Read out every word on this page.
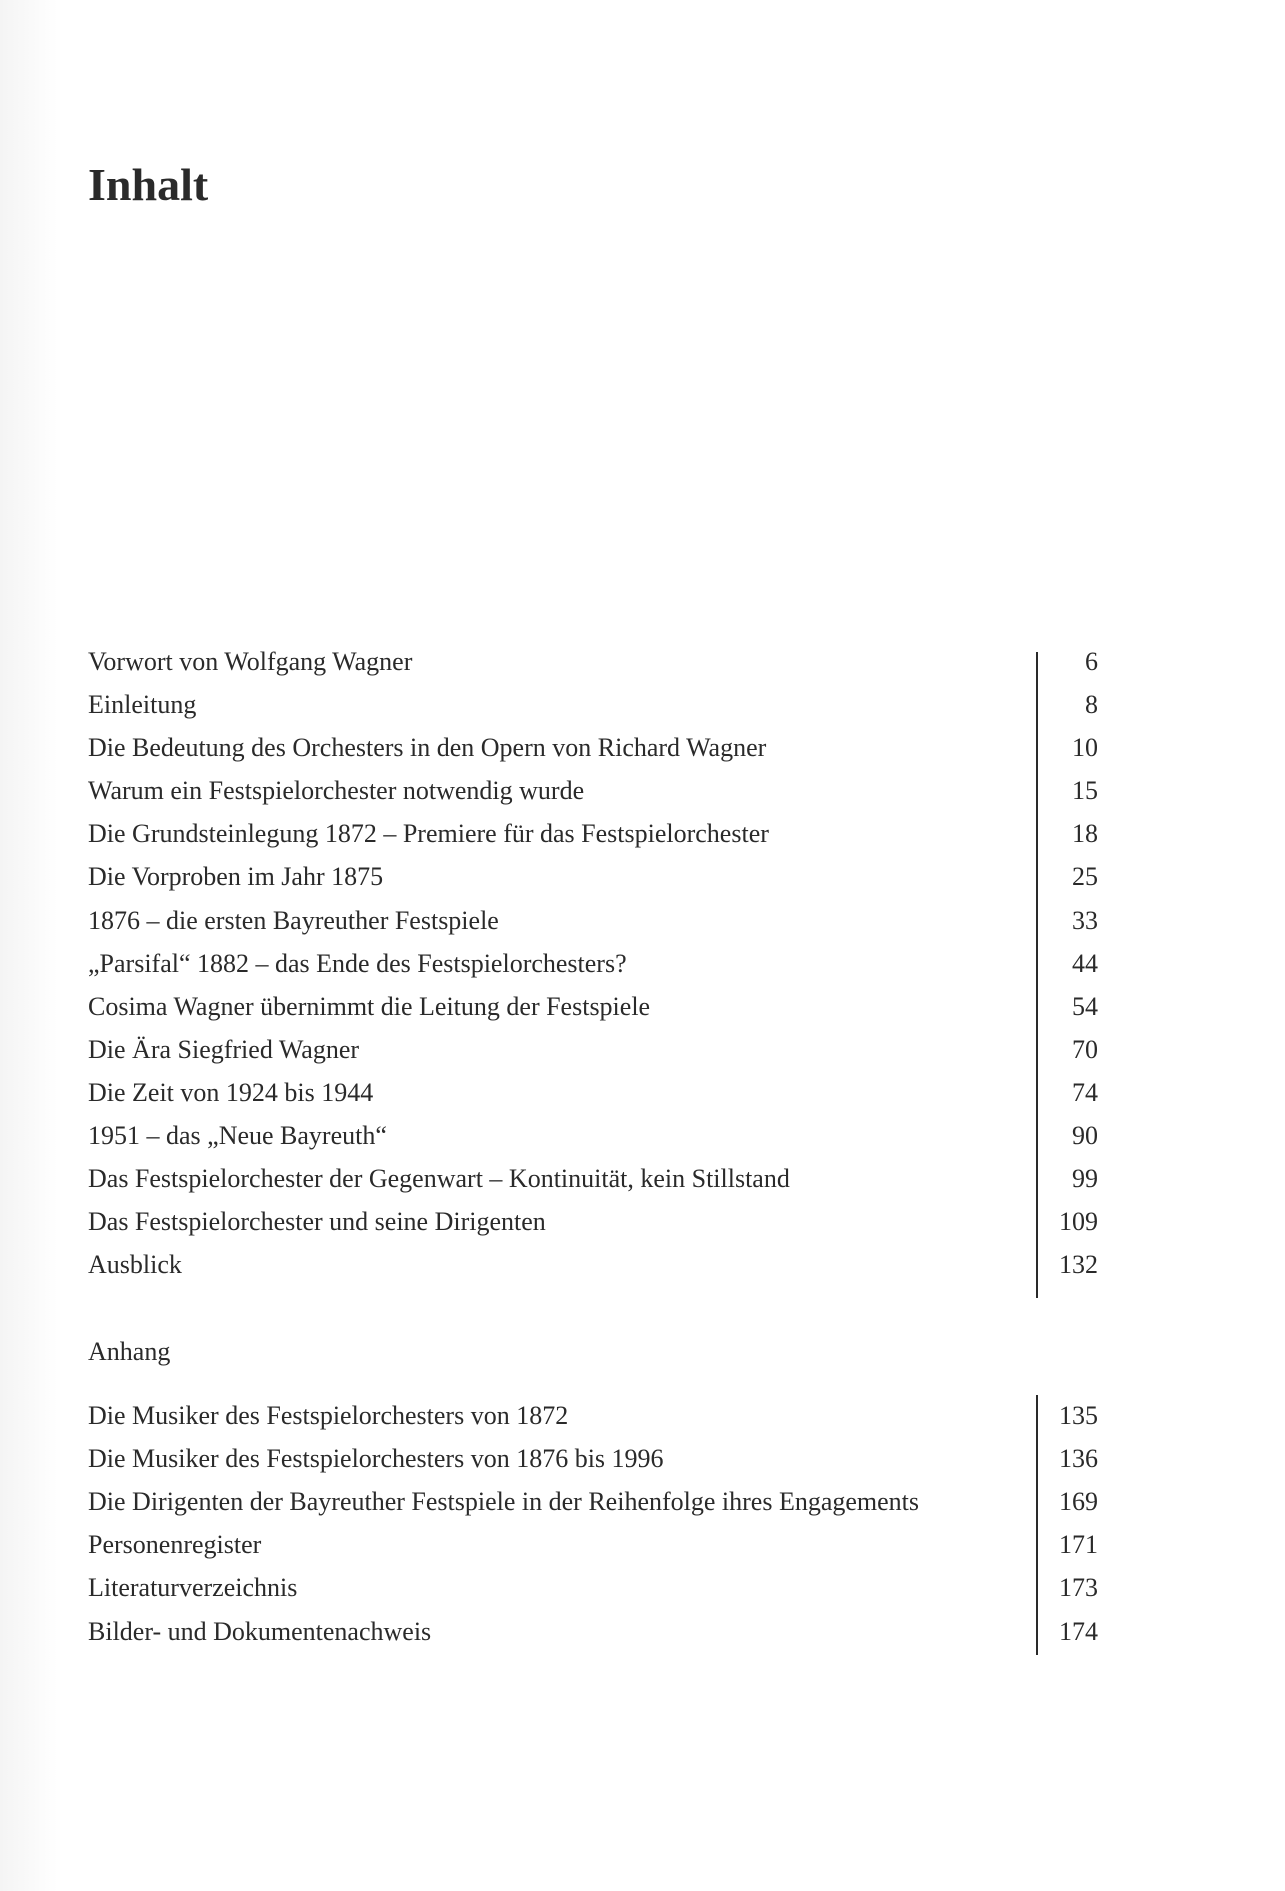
Inhalt
Vorwort von Wolfgang Wagner	6
Einleitung	8
Die Bedeutung des Orchesters in den Opern von Richard Wagner	10
Warum ein Festspielorchester notwendig wurde	15
Die Grundsteinlegung 1872 – Premiere für das Festspielorchester	18
Die Vorproben im Jahr 1875	25
1876 – die ersten Bayreuther Festspiele	33
„Parsifal“ 1882 – das Ende des Festspielorchesters?	44
Cosima Wagner übernimmt die Leitung der Festspiele	54
Die Ära Siegfried Wagner	70
Die Zeit von 1924 bis 1944	74
1951 – das „Neue Bayreuth“	90
Das Festspielorchester der Gegenwart – Kontinuität, kein Stillstand	99
Das Festspielorchester und seine Dirigenten	109
Ausblick	132
Anhang
Die Musiker des Festspielorchesters von 1872	135
Die Musiker des Festspielorchesters von 1876 bis 1996	136
Die Dirigenten der Bayreuther Festspiele in der Reihenfolge ihres Engagements	169
Personenregister	171
Literaturverzeichnis	173
Bilder- und Dokumentenachweis	174
